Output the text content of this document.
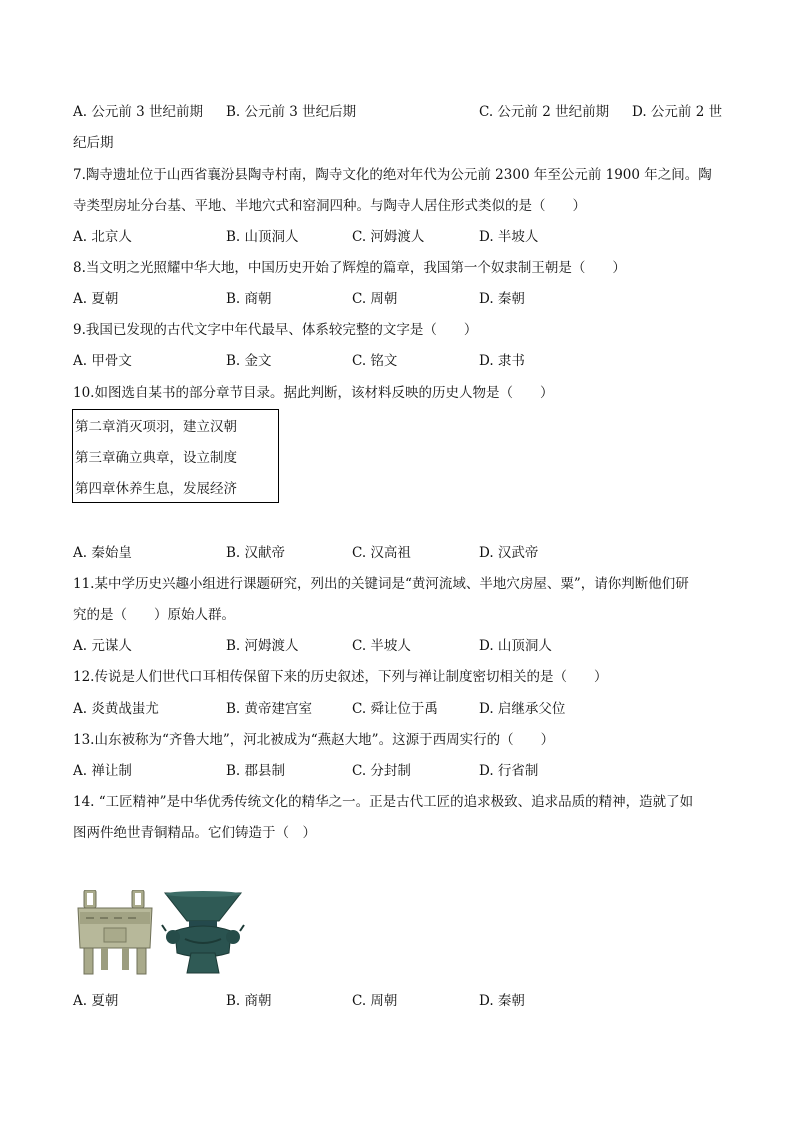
A. 公元前 3 世纪前期 B. 公元前 3 世纪后期	C. 公元前 2 世纪前期 D. 公元前 2 世
纪后期
7.陶寺遗址位于山西省襄汾县陶寺村南，陶寺文化的绝对年代为公元前 2300 年至公元前 1900 年之间。陶
寺类型房址分台基、平地、半地穴式和窑洞四种。与陶寺人居住形式类似的是（　　）
A. 北京人	B. 山顶洞人	C. 河姆渡人	D. 半坡人
8.当文明之光照耀中华大地，中国历史开始了辉煌的篇章，我国第一个奴隶制王朝是（　　）
A. 夏朝	B. 商朝	C. 周朝	D. 秦朝
9.我国已发现的古代文字中年代最早、体系较完整的文字是（　　）
A. 甲骨文	B. 金文	C. 铭文	D. 隶书
10.如图选自某书的部分章节目录。据此判断，该材料反映的历史人物是（　　）
第二章消灭项羽，建立汉朝
第三章确立典章，设立制度
第四章休养生息，发展经济
A. 秦始皇	B. 汉献帝	C. 汉高祖	D. 汉武帝
11.某中学历史兴趣小组进行课题研究，列出的关键词是“黄河流域、半地穴房屋、粟”，请你判断他们研
究的是（　　）原始人群。
A. 元谋人	B. 河姆渡人	C. 半坡人	D. 山顶洞人
12.传说是人们世代口耳相传保留下来的历史叙述，下列与禅让制度密切相关的是（　　）
A. 炎黄战蚩尤	B. 黄帝建宫室	C. 舜让位于禹	D. 启继承父位
13.山东被称为“齐鲁大地”，河北被成为“燕赵大地”。这源于西周实行的（　　）
A. 禅让制	B. 郡县制	C. 分封制	D. 行省制
14. “工匠精神”是中华优秀传统文化的精华之一。正是古代工匠的追求极致、追求品质的精神，造就了如
图两件绝世青铜精品。它们铸造于（　）
A. 夏朝	B. 商朝	C. 周朝	D. 秦朝
